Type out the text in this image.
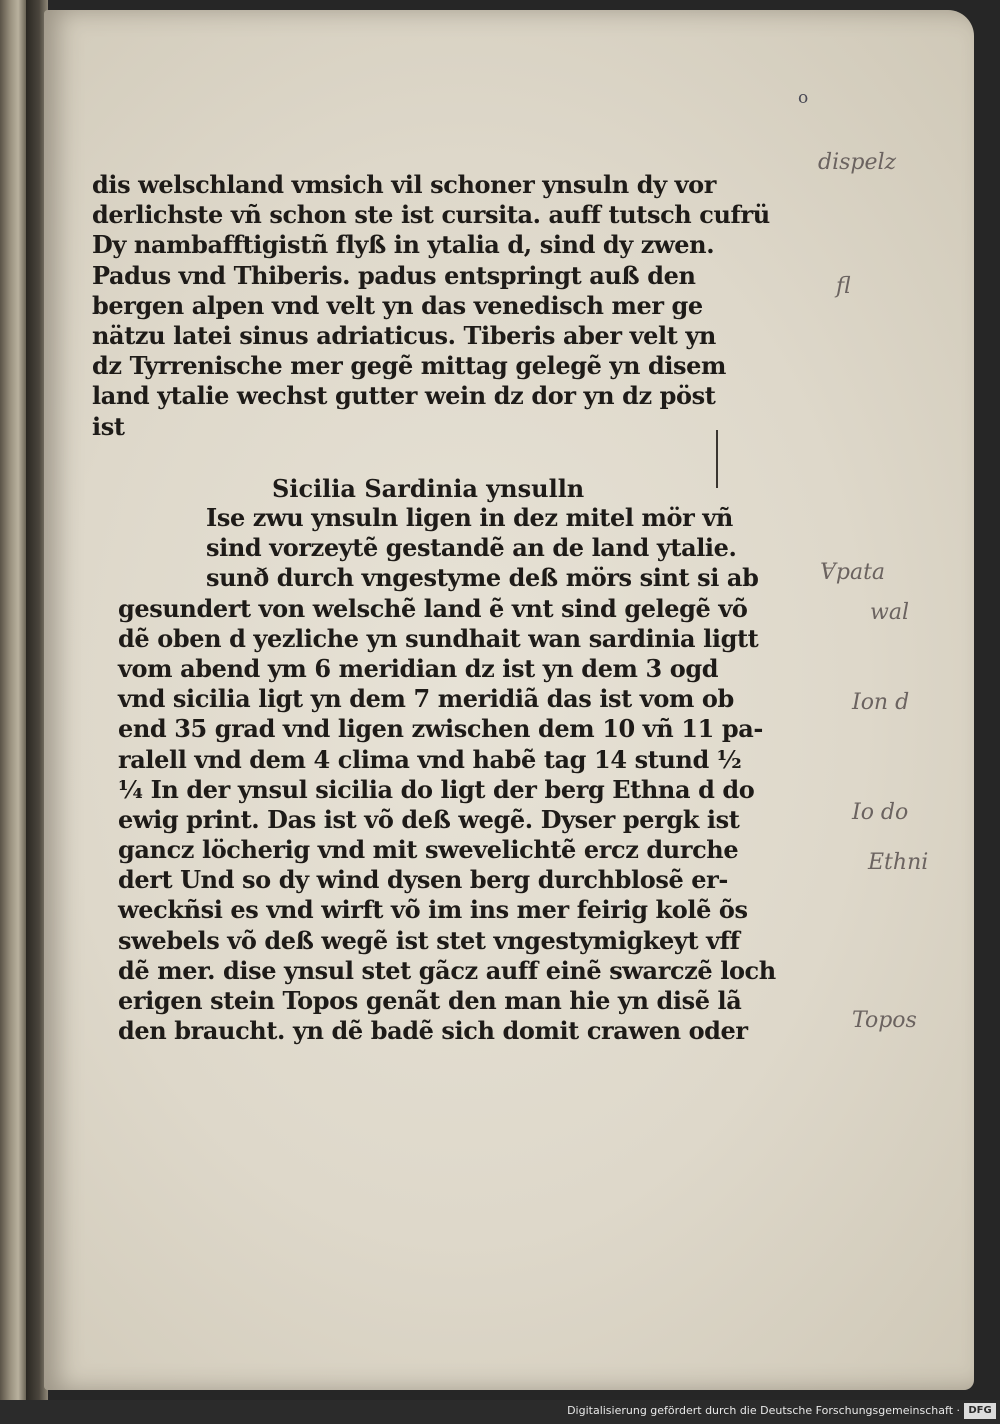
o
dis welschland vmsich vil schoner ynsuln dy vor
derlichste vñ schon ste ist cursita. auff tutsch cufrü
Dy nambafftigistñ flyß in ytalia d, sind dy zwen.
Padus vnd Thiberis. padus entspringt auß den
bergen alpen vnd velt yn das venedisch mer ge
nätzu latei sinus adriaticus. Tiberis aber velt yn
dz Tyrrenische mer gegẽ mittag gelegẽ yn disem
land ytalie wechst gutter wein dz dor yn dz pöst
ist
Sicilia Sardinia ynsulln
Ise zwu ynsuln ligen in dez mitel mör vñ
sind vorzeytẽ gestandẽ an de land ytalie.
sunð durch vngestyme deß mörs sint si ab
gesundert von welschẽ land ẽ vnt sind gelegẽ võ
dẽ oben d yezliche yn sundhait wan sardinia ligtt
vom abend ym 6 meridian dz ist yn dem 3 ogd
vnd sicilia ligt yn dem 7 meridiã das ist vom ob
end 35 grad vnd ligen zwischen dem 10 vñ 11 pa-
ralell vnd dem 4 clima vnd habẽ tag 14 stund ½
¼ In der ynsul sicilia do ligt der berg Ethna d do
ewig print. Das ist võ deß wegẽ. Dyser pergk ist
gancz löcherig vnd mit swevelichtẽ ercz durche
dert Und so dy wind dysen berg durchblosẽ er-
weckñsi es vnd wirft võ im ins mer feirig kolẽ õs
swebels võ deß wegẽ ist stet vngestymigkeyt vff
dẽ mer. dise ynsul stet gãcz auff einẽ swarczẽ loch
erigen stein Topos genãt den man hie yn disẽ lã
den braucht. yn dẽ badẽ sich domit crawen oder
dispelz
fl
Ɐpata
wal
Ion d
Io do
Ethni
Topos
Digitalisierung gefördert durch die Deutsche Forschungsgemeinschaft · DFG
